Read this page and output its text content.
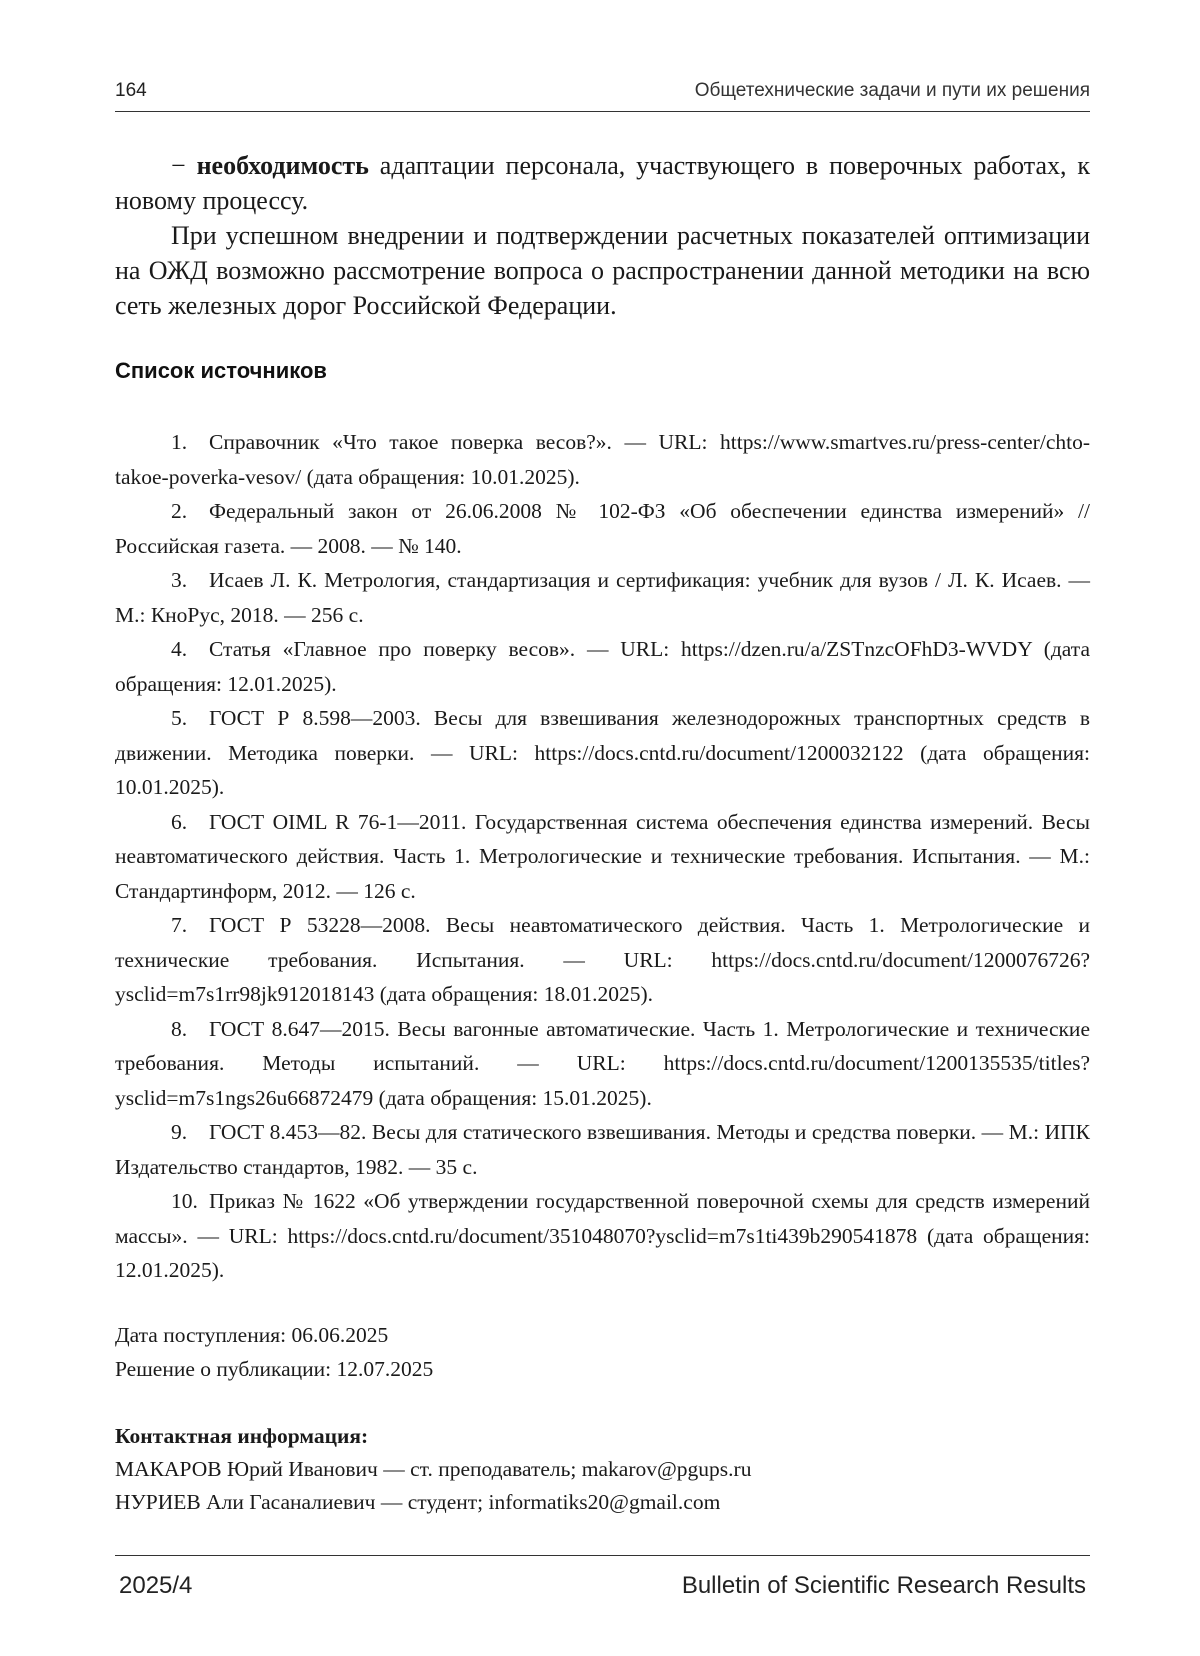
164	Общетехнические задачи и пути их решения

− необходимость адаптации персонала, участвующего в поверочных работах, к новому процессу.

При успешном внедрении и подтверждении расчетных показателей оптимизации на ОЖД возможно рассмотрение вопроса о распространении данной методики на всю сеть железных дорог Российской Федерации.

Список источников

1. Справочник «Что такое поверка весов?». — URL: https://www.smartves.ru/press-center/chto-takoe-poverka-vesov/ (дата обращения: 10.01.2025).

2. Федеральный закон от 26.06.2008 № 102-ФЗ «Об обеспечении единства измерений» // Российская газета. — 2008. — № 140.

3. Исаев Л. К. Метрология, стандартизация и сертификация: учебник для вузов / Л. К. Исаев. — М.: КноРус, 2018. — 256 с.

4. Статья «Главное про поверку весов». — URL: https://dzen.ru/a/ZSTnzcOFhD3-WVDY (дата обращения: 12.01.2025).

5. ГОСТ Р 8.598—2003. Весы для взвешивания железнодорожных транспортных средств в движении. Методика поверки. — URL: https://docs.cntd.ru/document/1200032122 (дата обращения: 10.01.2025).

6. ГОСТ OIML R 76-1—2011. Государственная система обеспечения единства измерений. Весы неавтоматического действия. Часть 1. Метрологические и технические требования. Испытания. — М.: Стандартинформ, 2012. — 126 с.

7. ГОСТ Р 53228—2008. Весы неавтоматического действия. Часть 1. Метрологические и технические требования. Испытания. — URL: https://docs.cntd.ru/document/1200076726?ysclid=m7s1rr98jk912018143 (дата обращения: 18.01.2025).

8. ГОСТ 8.647—2015. Весы вагонные автоматические. Часть 1. Метрологические и технические требования. Методы испытаний. — URL: https://docs.cntd.ru/document/1200135535/titles?ysclid=m7s1ngs26u66872479 (дата обращения: 15.01.2025).

9. ГОСТ 8.453—82. Весы для статического взвешивания. Методы и средства поверки. — М.: ИПК Издательство стандартов, 1982. — 35 с.

10. Приказ № 1622 «Об утверждении государственной поверочной схемы для средств измерений массы». — URL: https://docs.cntd.ru/document/351048070?ysclid=m7s1ti439b290541878 (дата обращения: 12.01.2025).

Дата поступления: 06.06.2025
Решение о публикации: 12.07.2025
Контактная информация:
МАКАРОВ Юрий Иванович — ст. преподаватель; makarov@pgups.ru
НУРИЕВ Али Гасаналиевич — студент; informatiks20@gmail.com
2025/4	Bulletin of Scientific Research Results
